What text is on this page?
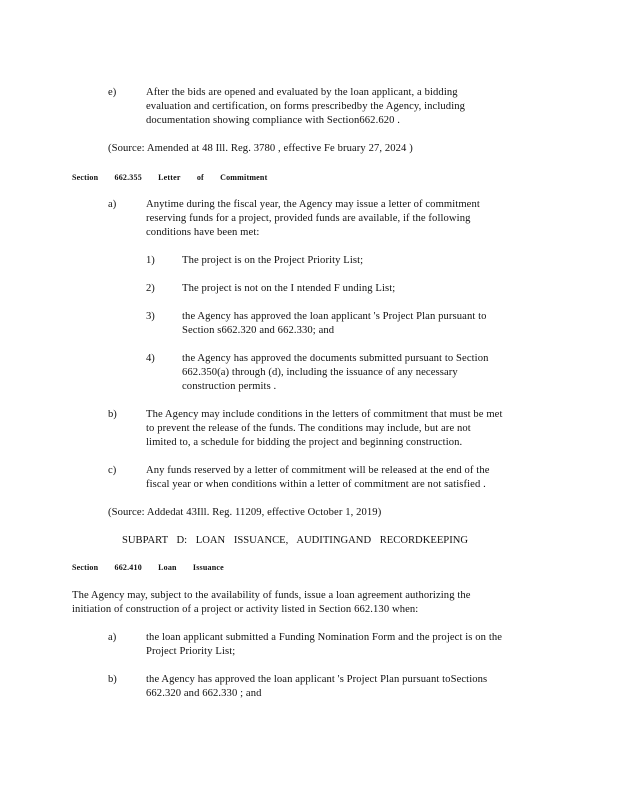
e)	After the bids are opened and evaluated by the loan applicant, a bidding
evaluation and certification, on forms prescribedby the Agency, including
documentation showing compliance with Section662.620 .
(Source: Amended at 48 Ill. Reg. 3780 , effective Fe bruary 27, 2024 )
Section 662.355 Letter of Commitment
a)	Anytime during the fiscal year, the Agency may issue a letter of commitment
reserving funds for a project, provided funds are available, if the following
conditions have been met:
1)	The project is on the Project Priority List;
2)	The project is not on the I ntended F unding List;
3)	the Agency has approved the loan applicant 's Project Plan pursuant to
Section s662.320 and 662.330; and
4)	the Agency has approved the documents submitted pursuant to Section
662.350(a) through (d), including the issuance of any necessary
construction permits .
b)	The Agency may include conditions in the letters of commitment that must be met
to prevent the release of the funds. The conditions may include, but are not
limited to, a schedule for bidding the project and beginning construction.
c)	Any funds reserved by a letter of commitment will be released at the end of the
fiscal year or when conditions within a letter of commitment are not satisfied .
(Source: Addedat 43Ill. Reg. 11209, effective October 1, 2019)
SUBPART D: LOAN ISSUANCE, AUDITINGAND RECORDKEEPING
Section 662.410 Loan Issuance
The Agency may, subject to the availability of funds, issue a loan agreement authorizing the
initiation of construction of a project or activity listed in Section 662.130 when:
a)	the loan applicant submitted a Funding Nomination Form and the project is on the
Project Priority List;
b)	the Agency has approved the loan applicant 's Project Plan pursuant toSections
662.320 and 662.330 ; and
